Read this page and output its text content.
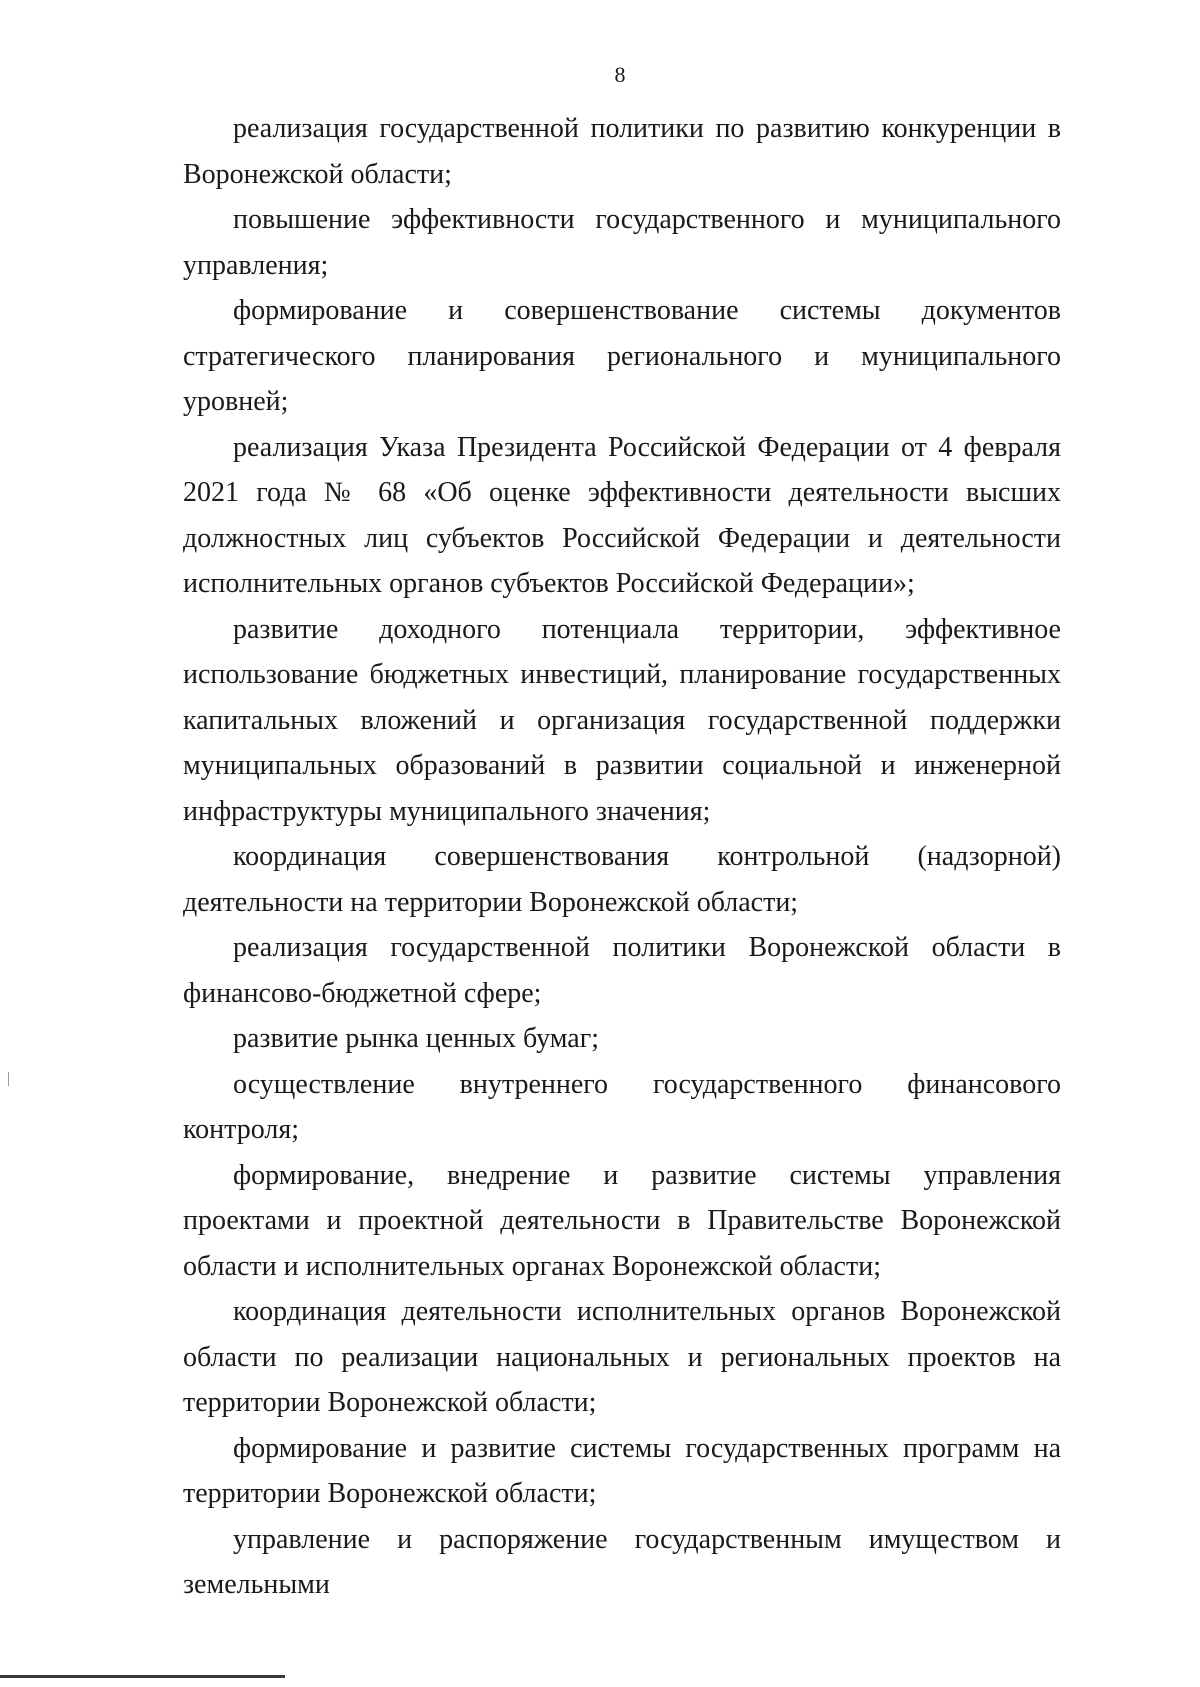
8

реализация государственной политики по развитию конкуренции в Воронежской области;

повышение эффективности государственного и муниципального управления;

формирование и совершенствование системы документов стратегического планирования регионального и муниципального уровней;

реализация Указа Президента Российской Федерации от 4 февраля 2021 года № 68 «Об оценке эффективности деятельности высших должностных лиц субъектов Российской Федерации и деятельности исполнительных органов субъектов Российской Федерации»;

развитие доходного потенциала территории, эффективное использование бюджетных инвестиций, планирование государственных капитальных вложений и организация государственной поддержки муниципальных образований в развитии социальной и инженерной инфраструктуры муниципального значения;

координация совершенствования контрольной (надзорной) деятельности на территории Воронежской области;

реализация государственной политики Воронежской области в финансово-бюджетной сфере;

развитие рынка ценных бумаг;

осуществление внутреннего государственного финансового контроля;

формирование, внедрение и развитие системы управления проектами и проектной деятельности в Правительстве Воронежской области и исполнительных органах Воронежской области;

координация деятельности исполнительных органов Воронежской области по реализации национальных и региональных проектов на территории Воронежской области;

формирование и развитие системы государственных программ на территории Воронежской области;

управление и распоряжение государственным имуществом и земельными
